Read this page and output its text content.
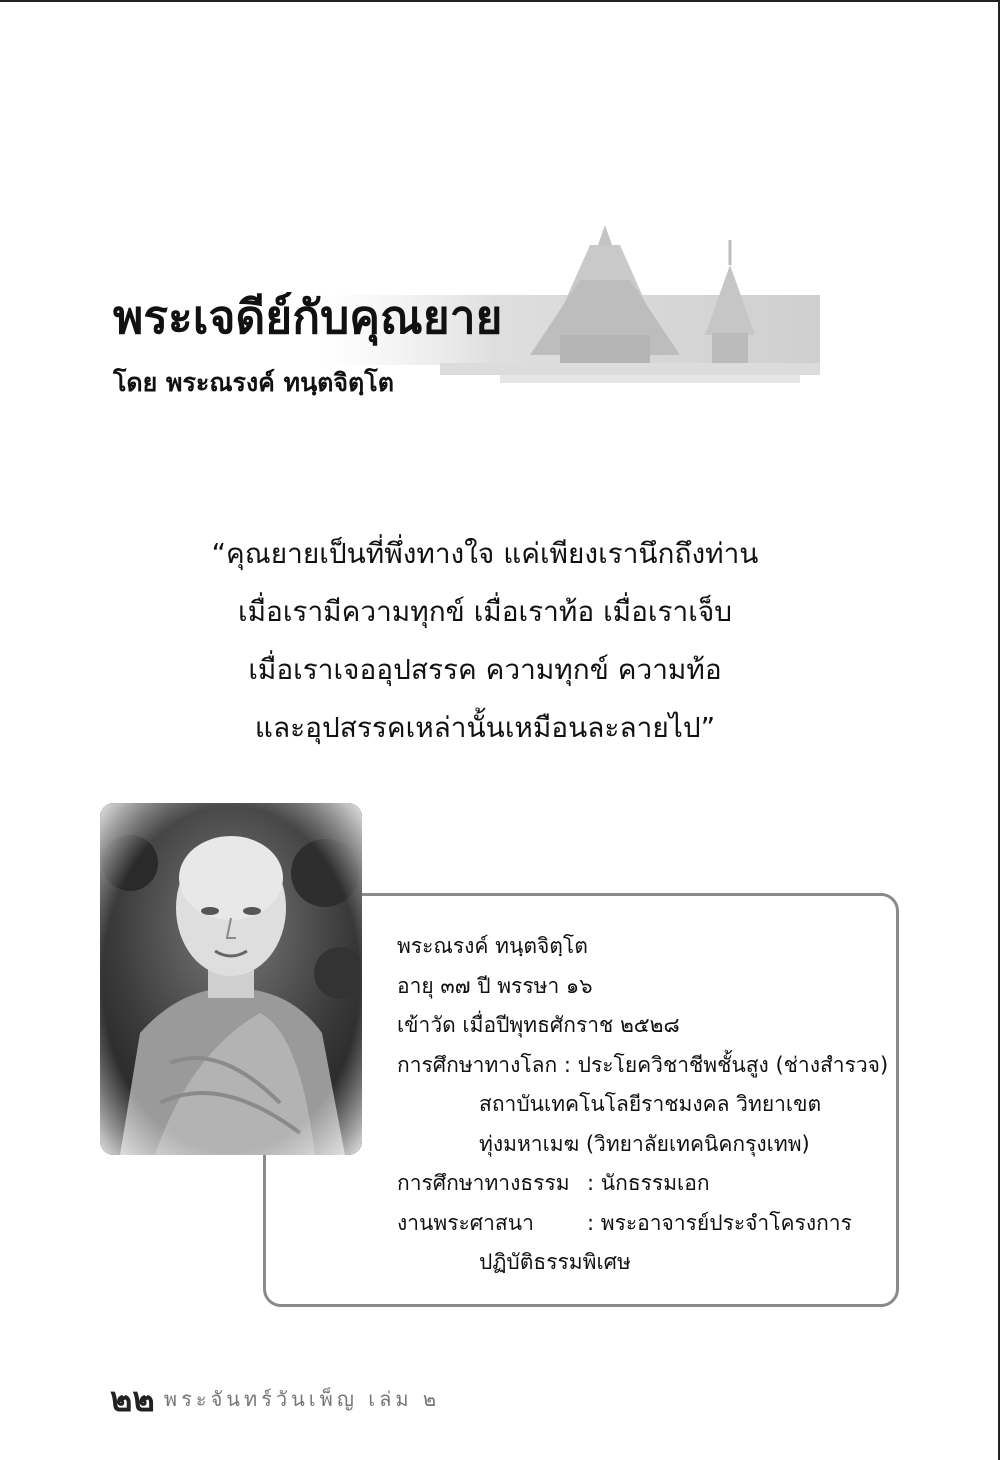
พระเจดีย์กับคุณยาย
โดย พระณรงค์ ทนฺตจิตฺโต
“คุณยายเป็นที่พึ่งทางใจ แค่เพียงเรานึกถึงท่าน
เมื่อเรามีความทุกข์ เมื่อเราท้อ เมื่อเราเจ็บ
เมื่อเราเจออุปสรรค ความทุกข์ ความท้อ
และอุปสรรคเหล่านั้นเหมือนละลายไป”
พระณรงค์ ทนฺตจิตฺโต
อายุ ๓๗ ปี พรรษา ๑๖
เข้าวัด เมื่อปีพุทธศักราช ๒๕๒๘
การศึกษาทางโลก : ประโยควิชาชีพชั้นสูง (ช่างสำรวจ)
สถาบันเทคโนโลยีราชมงคล วิทยาเขต
ทุ่งมหาเมฆ (วิทยาลัยเทคนิคกรุงเทพ)
การศึกษาทางธรรม : นักธรรมเอก
งานพระศาสนา	: พระอาจารย์ประจำโครงการ
ปฏิบัติธรรมพิเศษ
๒๒ พระจันทร์วันเพ็ญ เล่ม ๒
